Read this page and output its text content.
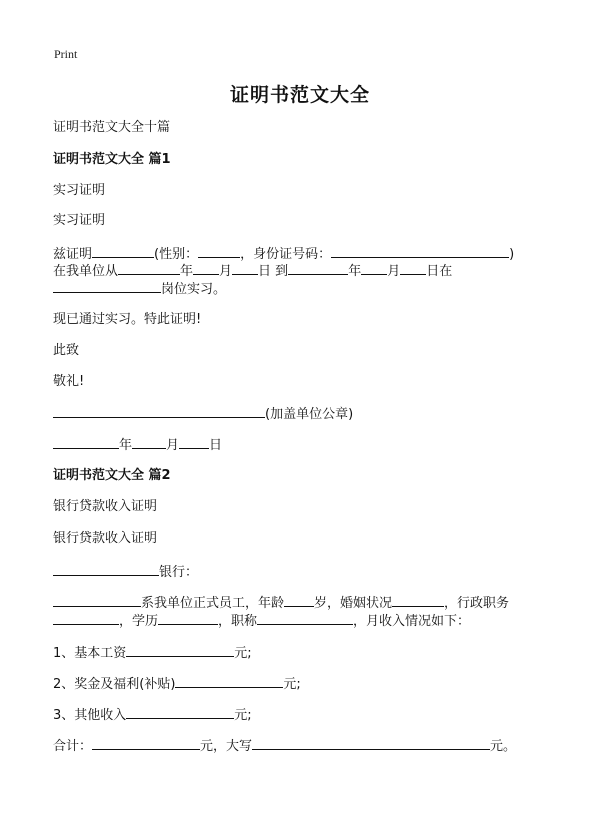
Print
证明书范文大全
证明书范文大全十篇
证明书范文大全 篇1
实习证明
实习证明
兹证明	(性别：	，身份证号码：	)
在我单位从	年 月 日 到	年 月 日在
岗位实习。
现已通过实习。特此证明!
此致
敬礼!
(加盖单位公章)
年	月 日
证明书范文大全 篇2
银行贷款收入证明
银行贷款收入证明
银行：
系我单位正式员工，年龄 岁，婚姻状况	，行政职务
，学历	，职称	，月收入情况如下：
1、基本工资	元;
2、奖金及福利(补贴)	元;
3、其他收入	元;
合计：	元，大写	元。
